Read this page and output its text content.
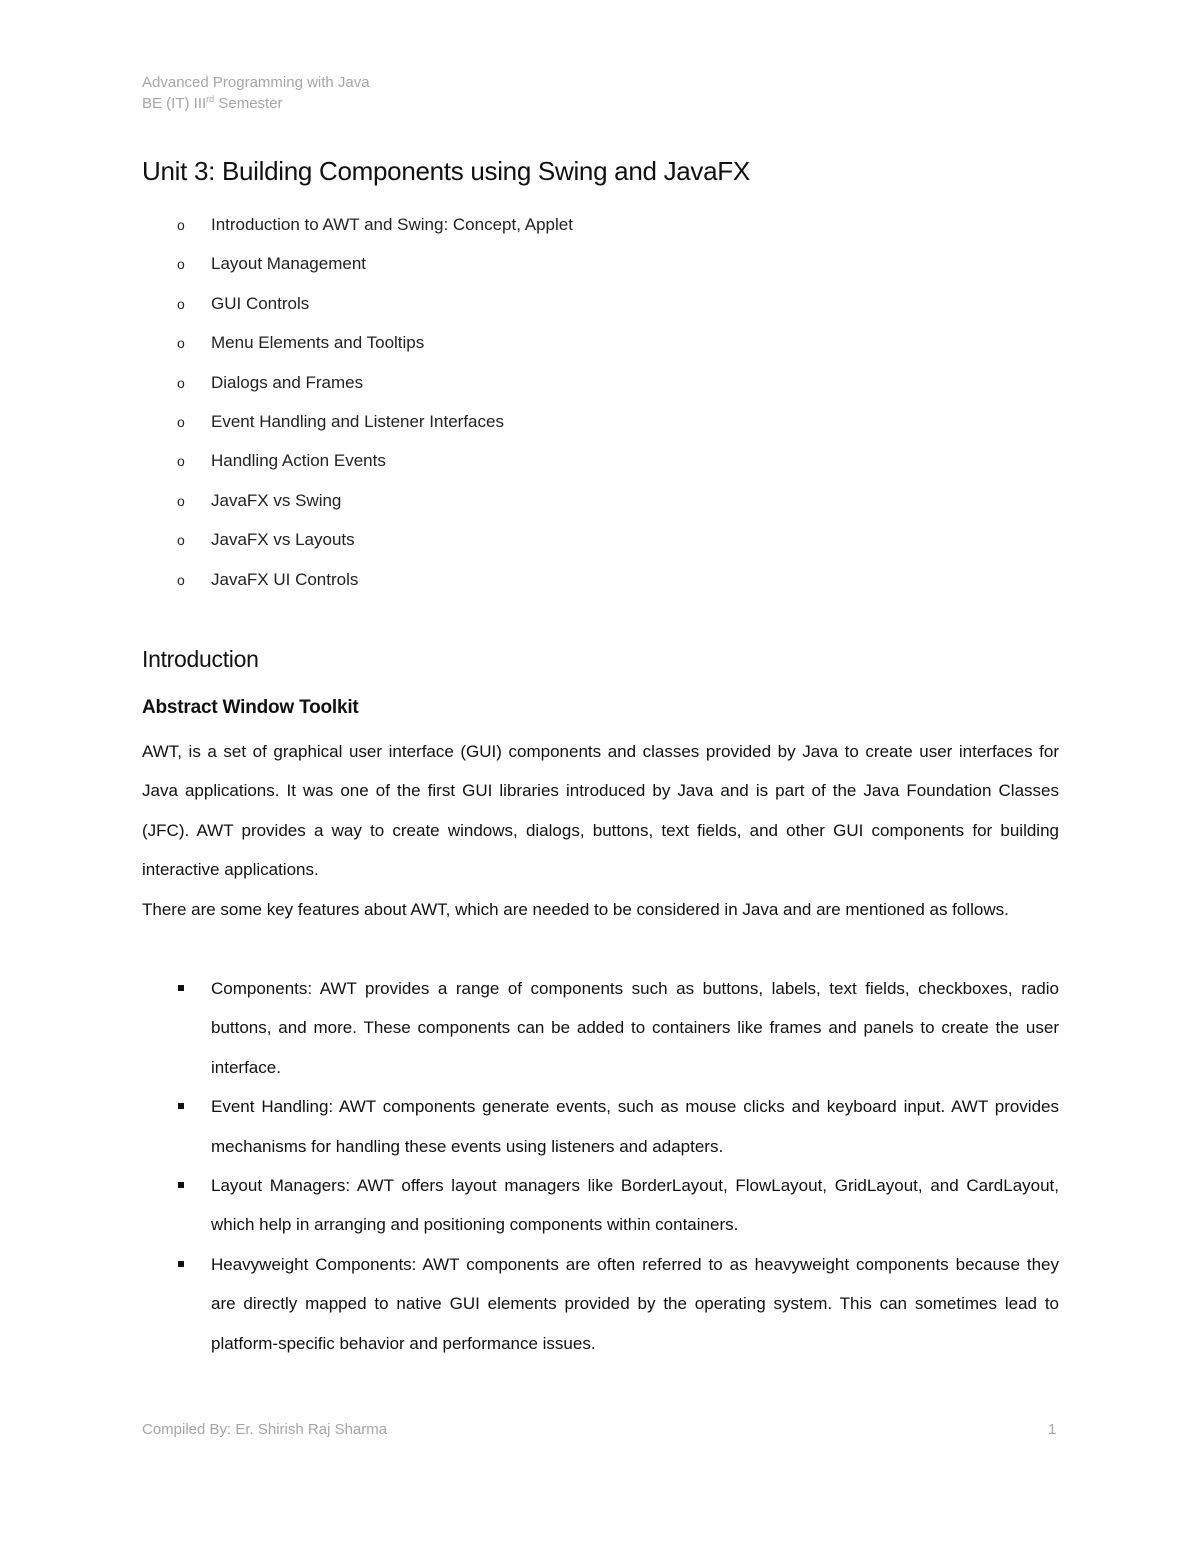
Advanced Programming with Java
BE (IT) IIIrd Semester
Unit 3: Building Components using Swing and JavaFX
o Introduction to AWT and Swing: Concept, Applet
o Layout Management
o GUI Controls
o Menu Elements and Tooltips
o Dialogs and Frames
o Event Handling and Listener Interfaces
o Handling Action Events
o JavaFX vs Swing
o JavaFX vs Layouts
o JavaFX UI Controls
Introduction
Abstract Window Toolkit

AWT, is a set of graphical user interface (GUI) components and classes provided by Java to create user interfaces for Java applications. It was one of the first GUI libraries introduced by Java and is part of the Java Foundation Classes (JFC). AWT provides a way to create windows, dialogs, buttons, text fields, and other GUI components for building interactive applications.

There are some key features about AWT, which are needed to be considered in Java and are mentioned as follows.

Components: AWT provides a range of components such as buttons, labels, text fields, checkboxes, radio buttons, and more. These components can be added to containers like frames and panels to create the user interface.
Event Handling: AWT components generate events, such as mouse clicks and keyboard input. AWT provides mechanisms for handling these events using listeners and adapters.
Layout Managers: AWT offers layout managers like BorderLayout, FlowLayout, GridLayout, and CardLayout, which help in arranging and positioning components within containers.
Heavyweight Components: AWT components are often referred to as heavyweight components because they are directly mapped to native GUI elements provided by the operating system. This can sometimes lead to platform-specific behavior and performance issues.
Compiled By: Er. Shirish Raj Sharma	1
